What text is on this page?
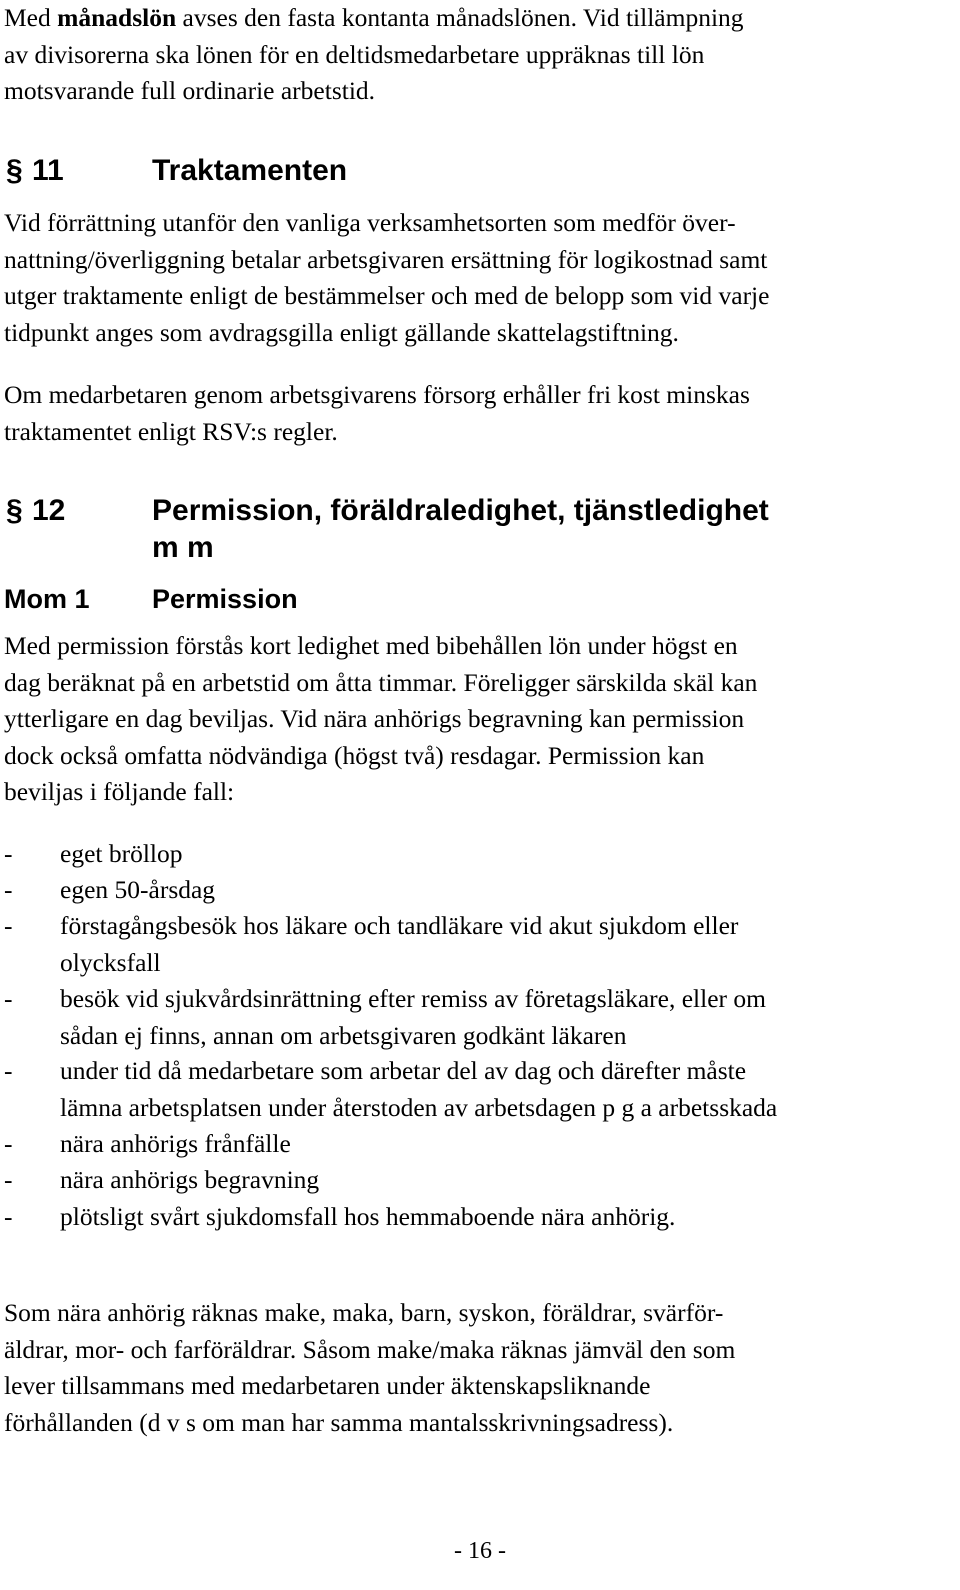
Med månadslön avses den fasta kontanta månadslönen. Vid tillämpning
av divisorerna ska lönen för en deltidsmedarbetare uppräknas till lön
motsvarande full ordinarie arbetstid.

§ 11	Traktamenten

Vid förrättning utanför den vanliga verksamhetsorten som medför över-
nattning/överliggning betalar arbetsgivaren ersättning för logikostnad samt
utger traktamente enligt de bestämmelser och med de belopp som vid varje
tidpunkt anges som avdragsgilla enligt gällande skattelagstiftning.

Om medarbetaren genom arbetsgivarens försorg erhåller fri kost minskas
traktamentet enligt RSV:s regler.

§ 12	Permission, föräldraledighet, tjänstledighet
m m
Mom 1 Permission

Med permission förstås kort ledighet med bibehållen lön under högst en
dag beräknat på en arbetstid om åtta timmar. Föreligger särskilda skäl kan
ytterligare en dag beviljas. Vid nära anhörigs begravning kan permission
dock också omfatta nödvändiga (högst två) resdagar. Permission kan
beviljas i följande fall:

- eget bröllop
- egen 50-årsdag
- förstagångsbesök hos läkare och tandläkare vid akut sjukdom eller
olycksfall
- besök vid sjukvårdsinrättning efter remiss av företagsläkare, eller om
sådan ej finns, annan om arbetsgivaren godkänt läkaren
- under tid då medarbetare som arbetar del av dag och därefter måste
lämna arbetsplatsen under återstoden av arbetsdagen p g a arbetsskada
- nära anhörigs frånfälle
- nära anhörigs begravning
- plötsligt svårt sjukdomsfall hos hemmaboende nära anhörig.

Som nära anhörig räknas make, maka, barn, syskon, föräldrar, svärför-
äldrar, mor- och farföräldrar. Såsom make/maka räknas jämväl den som
lever tillsammans med medarbetaren under äktenskapsliknande
förhållanden (d v s om man har samma mantalsskrivningsadress).

- 16 -
